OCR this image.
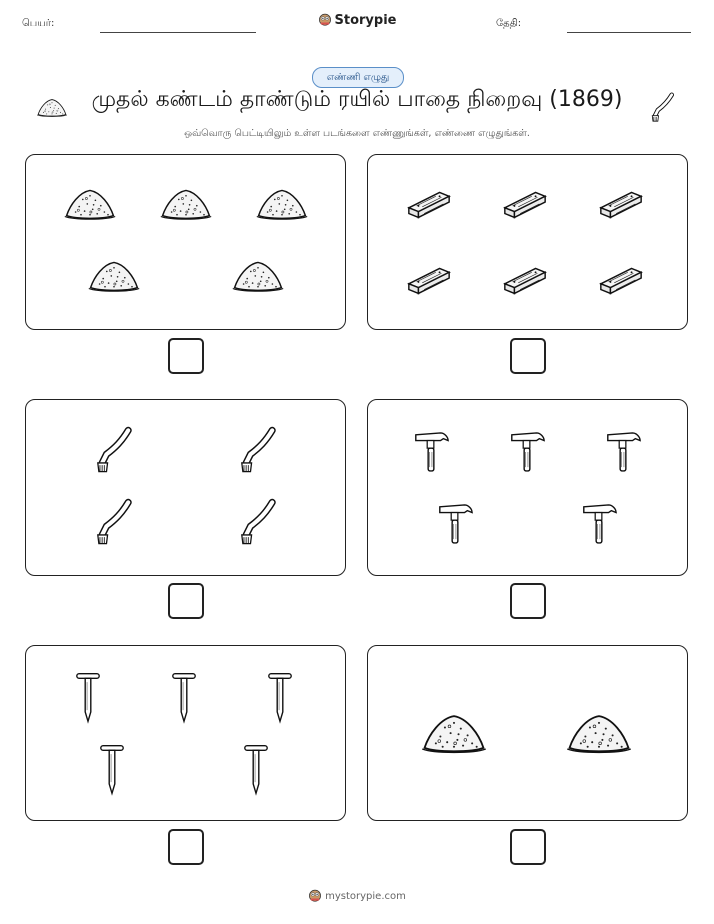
பெயர்:	Storypie	தேதி:
எண்ணி எழுது
முதல் கண்டம் தாண்டும் ரயில் பாதை நிறைவு (1869)
ஒவ்வொரு பெட்டியிலும் உள்ள படங்களை எண்ணுங்கள், எண்ணை எழுதுங்கள்.
mystorypie.com
